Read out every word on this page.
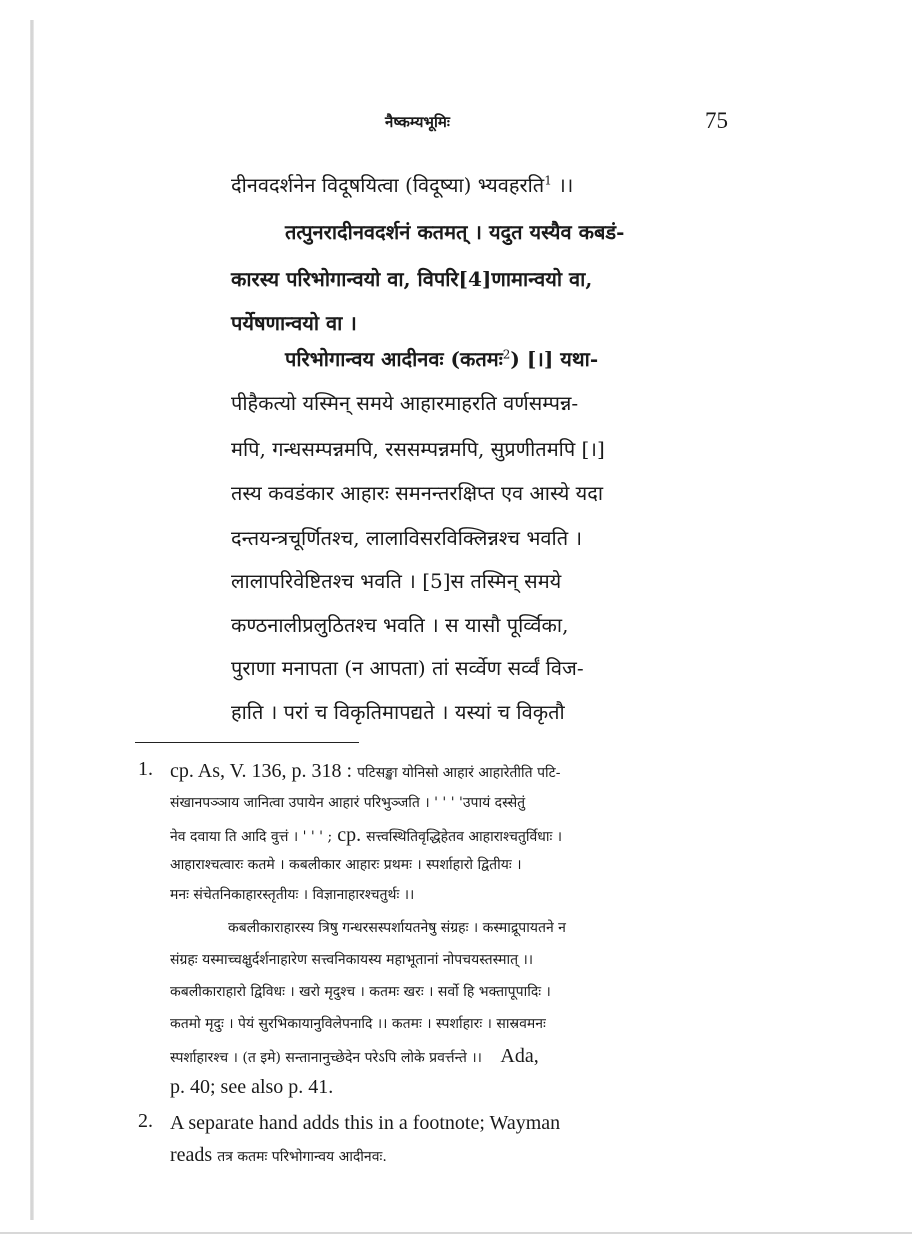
नैष्कम्यभूमिः	75
दीनवदर्शनेन विदूषयित्वा (विदूष्या) भ्यवहरति$^1$ ।।
तत्पुनरादीनवदर्शनं कतमत् । यदुत यस्यैव कबडं-
कारस्य परिभोगान्वयो वा, विपरि[4]णामान्वयो वा,
पर्येषणान्वयो वा ।
परिभोगान्वय आदीनवः (कतमः$^2$) [।] यथा-
पीहैकत्यो यस्मिन् समये आहारमाहरति वर्णसम्पन्न-
मपि, गन्धसम्पन्नमपि, रससम्पन्नमपि, सुप्रणीतमपि [।]
तस्य कवडंकार आहारः समनन्तरक्षिप्त एव आस्ये यदा
दन्तयन्त्रचूर्णितश्च, लालाविसरविक्लिन्नश्च भवति ।
लालापरिवेष्टितश्च भवति । [5]स तस्मिन् समये
कण्ठनालीप्रलुठितश्च भवति । स यासौ पूर्व्विका,
पुराणा मनापता (न आपता) तां सर्व्वेण सर्व्वं विज-
हाति । परां च विकृतिमापद्यते । यस्यां च विकृतौ
1. cp. As, V. 136, p. 318 : पटिसङ्खा योनिसो आहारं आहारेतीति पटि-
संखानपञ्ञाय जानित्वा उपायेन आहारं परिभुञ्जति । ' ' ' 'उपायं दस्सेतुं
नेव दवाया ति आदि वुत्तं । ' ' ' ; cp. सत्त्वस्थितिवृद्धिहेतव आहाराश्चतुर्विधाः ।
आहाराश्चत्वारः कतमे । कबलीकार आहारः प्रथमः । स्पर्शाहारो द्वितीयः ।
मनः संचेतनिकाहारस्तृतीयः । विज्ञानाहारश्चतुर्थः ।।
कबलीकाराहारस्य त्रिषु गन्धरसस्पर्शायतनेषु संग्रहः । कस्माद्रूपायतने न
संग्रहः यस्माच्चक्षुर्दर्शनाहारेण सत्त्वनिकायस्य महाभूतानां नोपचयस्तस्मात् ।।
कबलीकाराहारो द्विविधः । खरो मृदुश्च । कतमः खरः । सर्वो हि भक्तापूपादिः ।
कतमो मृदुः । पेयं सुरभिकायानुविलेपनादि ।। कतमः । स्पर्शाहारः । सास्रवमनः
स्पर्शाहारश्च । (त इमे) सन्तानानुच्छेदेन परेऽपि लोके प्रवर्त्तन्ते ।। Ada,
p. 40; see also p. 41.
2. A separate hand adds this in a footnote; Wayman
reads तत्र कतमः परिभोगान्वय आदीनवः.
